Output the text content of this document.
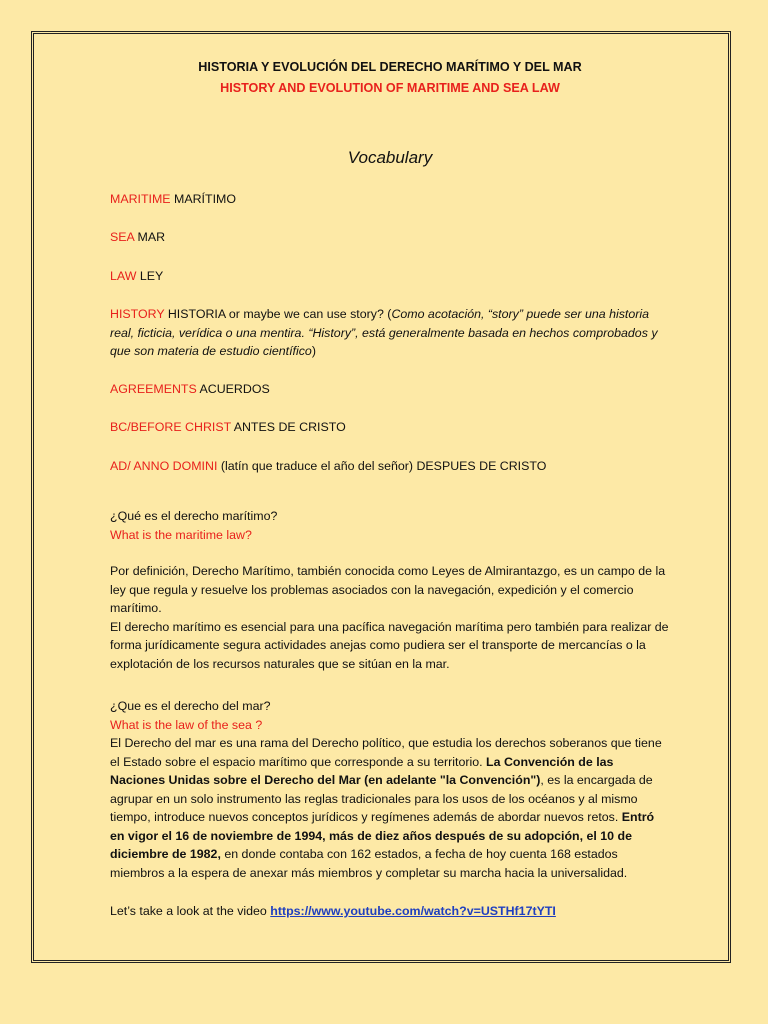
HISTORIA Y EVOLUCIÓN DEL DERECHO MARÍTIMO Y DEL MAR
HISTORY AND EVOLUTION OF MARITIME AND SEA LAW
Vocabulary
MARITIME MARÍTIMO
SEA MAR
LAW LEY
HISTORY HISTORIA or maybe we can use story? (Como acotación, “story” puede ser una historia real, ficticia, verídica o una mentira. “History”, está generalmente basada en hechos comprobados y que son materia de estudio científico)
AGREEMENTS ACUERDOS
BC/BEFORE CHRIST ANTES DE CRISTO
AD/ ANNO DOMINI (latín que traduce el año del señor) DESPUES DE CRISTO
¿Qué es el derecho marítimo?
What is the maritime law?
Por definición, Derecho Marítimo, también conocida como Leyes de Almirantazgo, es un campo de la ley que regula y resuelve los problemas asociados con la navegación, expedición y el comercio marítimo.
El derecho marítimo es esencial para una pacífica navegación marítima pero también para realizar de forma jurídicamente segura actividades anejas como pudiera ser el transporte de mercancías o la explotación de los recursos naturales que se sitúan en la mar.
¿Que es el derecho del mar?
What is the law of the sea ?
El Derecho del mar es una rama del Derecho político, que estudia los derechos soberanos que tiene el Estado sobre el espacio marítimo que corresponde a su territorio. La Convención de las Naciones Unidas sobre el Derecho del Mar (en adelante "la Convención"), es la encargada de agrupar en un solo instrumento las reglas tradicionales para los usos de los océanos y al mismo tiempo, introduce nuevos conceptos jurídicos y regímenes además de abordar nuevos retos. Entró en vigor el 16 de noviembre de 1994, más de diez años después de su adopción, el 10 de diciembre de 1982, en donde contaba con 162 estados, a fecha de hoy cuenta 168 estados miembros a la espera de anexar más miembros y completar su marcha hacia la universalidad.
Let’s take a look at the video https://www.youtube.com/watch?v=USTHf17tYTI
